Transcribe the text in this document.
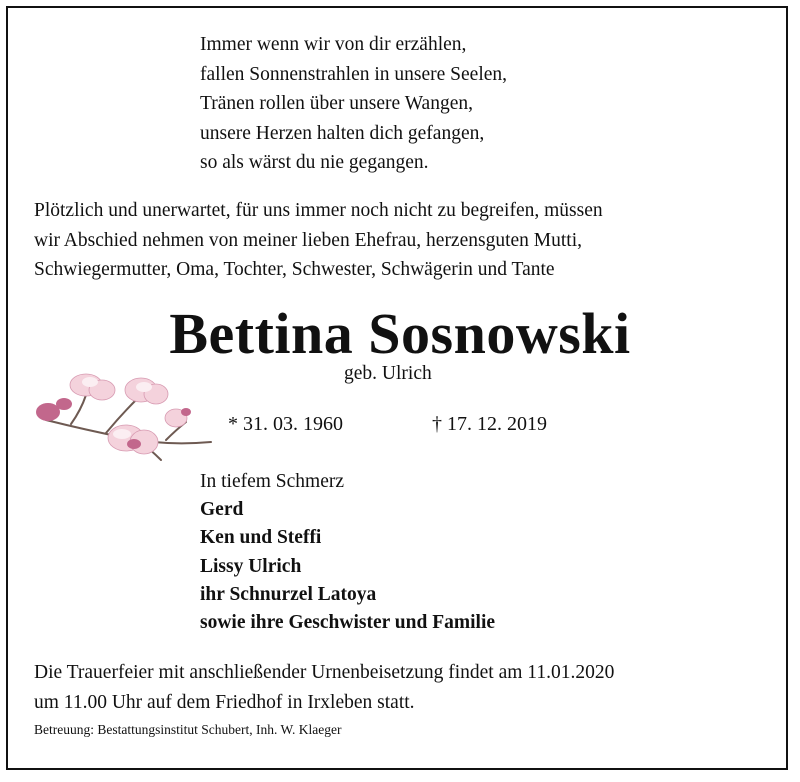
Immer wenn wir von dir erzählen,
fallen Sonnenstrahlen in unsere Seelen,
Tränen rollen über unsere Wangen,
unsere Herzen halten dich gefangen,
so als wärst du nie gegangen.
Plötzlich und unerwartet, für uns immer noch nicht zu begreifen, müssen
wir Abschied nehmen von meiner lieben Ehefrau, herzensguten Mutti,
Schwiegermutter, Oma, Tochter, Schwester, Schwägerin und Tante
Bettina Sosnowski
geb. Ulrich
* 31. 03. 1960	† 17. 12. 2019
In tiefem Schmerz
Gerd
Ken und Steffi
Lissy Ulrich
ihr Schnurzel Latoya
sowie ihre Geschwister und Familie
Die Trauerfeier mit anschließender Urnenbeisetzung findet am 11.01.2020
um 11.00 Uhr auf dem Friedhof in Irxleben statt.
Betreuung: Bestattungsinstitut Schubert, Inh. W. Klaeger
